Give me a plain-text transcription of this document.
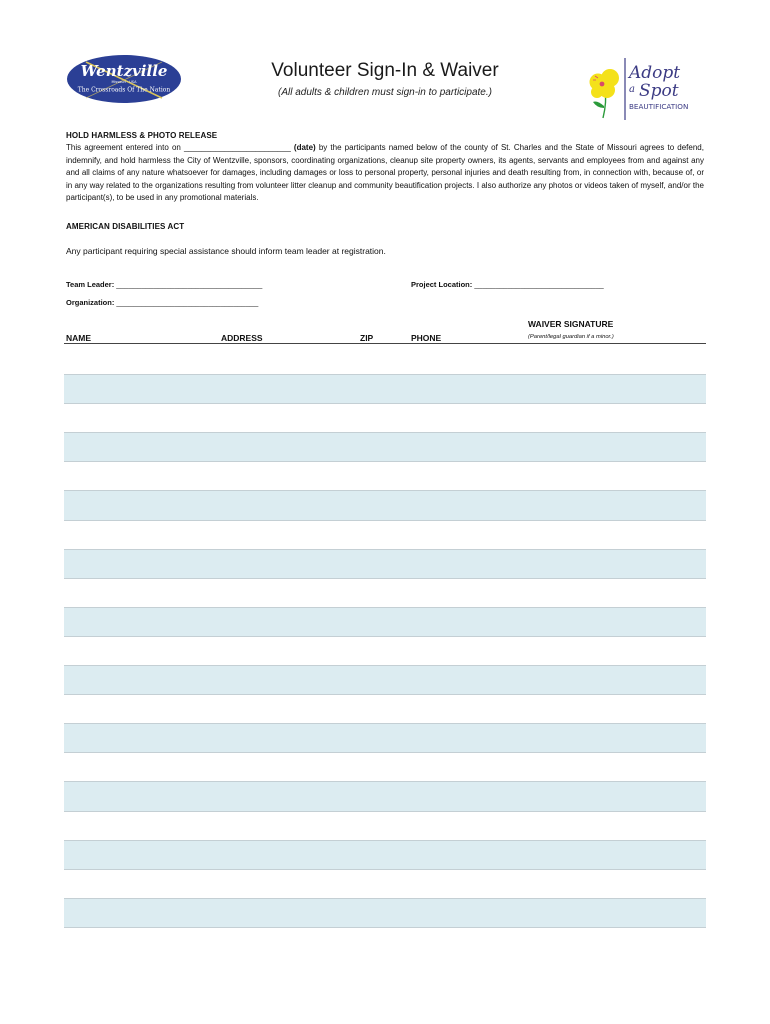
Wentzville
Missouri · USA
The Crossroads Of The Nation
Adopt
a Spot
BEAUTIFICATION
Volunteer Sign-In & Waiver
(All adults & children must sign-in to participate.)
HOLD HARMLESS & PHOTO RELEASE
This agreement entered into on ________________________ (date) by the participants named below of the county of St. Charles and the State of Missouri agrees to defend, indemnify, and hold harmless the City of Wentzville, sponsors, coordinating organizations, cleanup site property owners, its agents, servants and employees from and against any and all claims of any nature whatsoever for damages, including damages or loss to personal property, personal injuries and death resulting from, in connection with, because of, or in any way related to the organizations resulting from volunteer litter cleanup and community beautification projects. I also authorize any photos or videos taken of myself, and/or the participant(s), to be used in any promotional materials.
AMERICAN DISABILITIES ACT
Any participant requiring special assistance should inform team leader at registration.
Team Leader: ___________________________________	Project Location: _______________________________
Organization: __________________________________
NAME	ADDRESS	ZIP	PHONE
WAIVER SIGNATURE
(Parent/legal guardian if a minor.)
